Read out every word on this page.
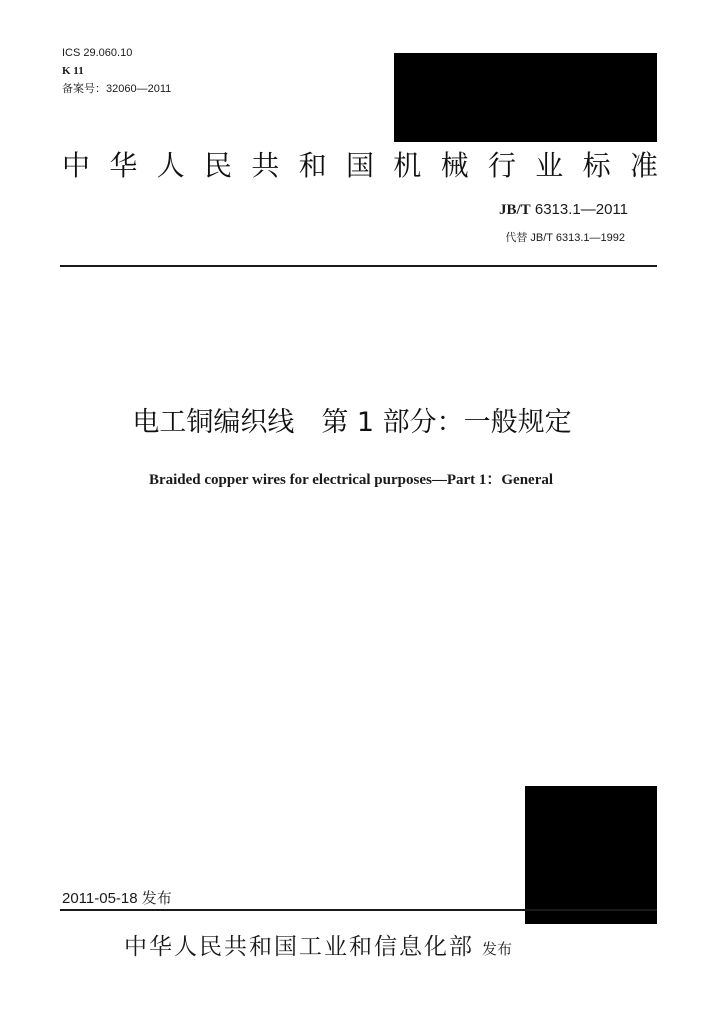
ICS 29.060.10
K 11
备案号：32060—2011
中 华 人 民 共 和 国 机 械 行 业 标 准
JB/T 6313.1—2011
代替 JB/T 6313.1—1992
电工铜编织线　第 1 部分：一般规定
Braided copper wires for electrical purposes—Part 1：General
2011-05-18 发布
中华人民共和国工业和信息化部 发布
